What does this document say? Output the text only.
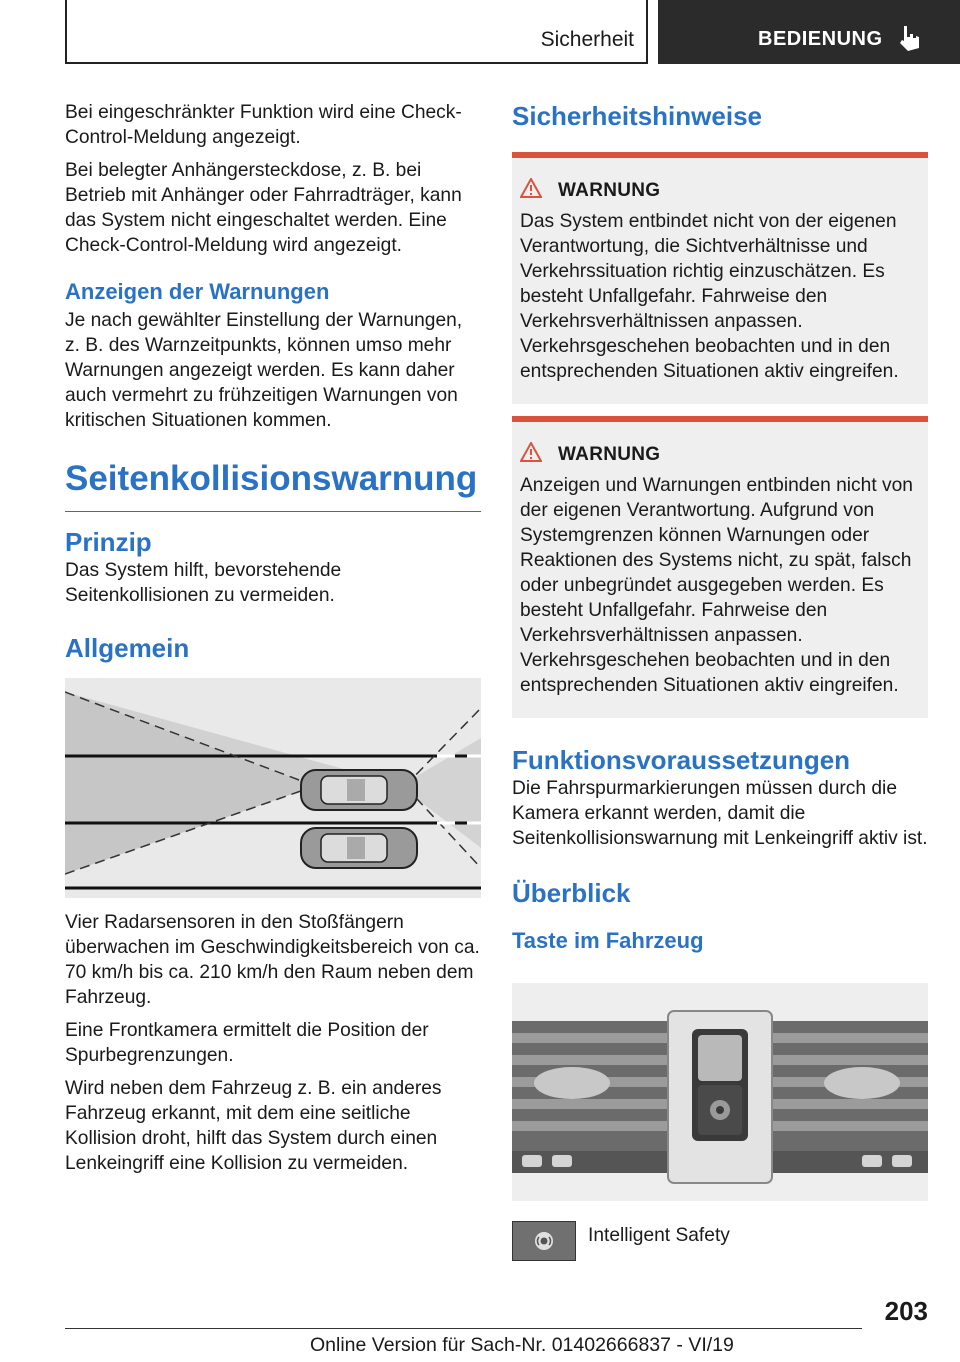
Sicherheit	BEDIENUNG

Bei eingeschränkter Funktion wird eine Check-Control-Meldung angezeigt.

Bei belegter Anhängersteckdose, z. B. bei Betrieb mit Anhänger oder Fahrradträger, kann das System nicht eingeschaltet werden. Eine Check-Control-Meldung wird angezeigt.

Anzeigen der Warnungen

Je nach gewählter Einstellung der Warnungen, z. B. des Warnzeitpunkts, können umso mehr Warnungen angezeigt werden. Es kann daher auch vermehrt zu frühzeitigen Warnungen von kritischen Situationen kommen.

Seitenkollisionswarnung
Prinzip

Das System hilft, bevorstehende Seitenkollisionen zu vermeiden.

Allgemein

Vier Radarsensoren in den Stoßfängern überwachen im Geschwindigkeitsbereich von ca. 70 km/h bis ca. 210 km/h den Raum neben dem Fahrzeug.

Eine Frontkamera ermittelt die Position der Spurbegrenzungen.

Wird neben dem Fahrzeug z. B. ein anderes Fahrzeug erkannt, mit dem eine seitliche Kollision droht, hilft das System durch einen Lenkeingriff eine Kollision zu vermeiden.

Sicherheitshinweise
WARNUNG

Das System entbindet nicht von der eigenen Verantwortung, die Sichtverhältnisse und Verkehrssituation richtig einzuschätzen. Es besteht Unfallgefahr. Fahrweise den Verkehrsverhältnissen anpassen. Verkehrsgeschehen beobachten und in den entsprechenden Situationen aktiv eingreifen.

WARNUNG

Anzeigen und Warnungen entbinden nicht von der eigenen Verantwortung. Aufgrund von Systemgrenzen können Warnungen oder Reaktionen des Systems nicht, zu spät, falsch oder unbegründet ausgegeben werden. Es besteht Unfallgefahr. Fahrweise den Verkehrsverhältnissen anpassen. Verkehrsgeschehen beobachten und in den entsprechenden Situationen aktiv eingreifen.

Funktionsvoraussetzungen

Die Fahrspurmarkierungen müssen durch die Kamera erkannt werden, damit die Seitenkollisionswarnung mit Lenkeingriff aktiv ist.

Überblick
Taste im Fahrzeug
Intelligent Safety
203
Online Version für Sach-Nr. 01402666837 - VI/19
